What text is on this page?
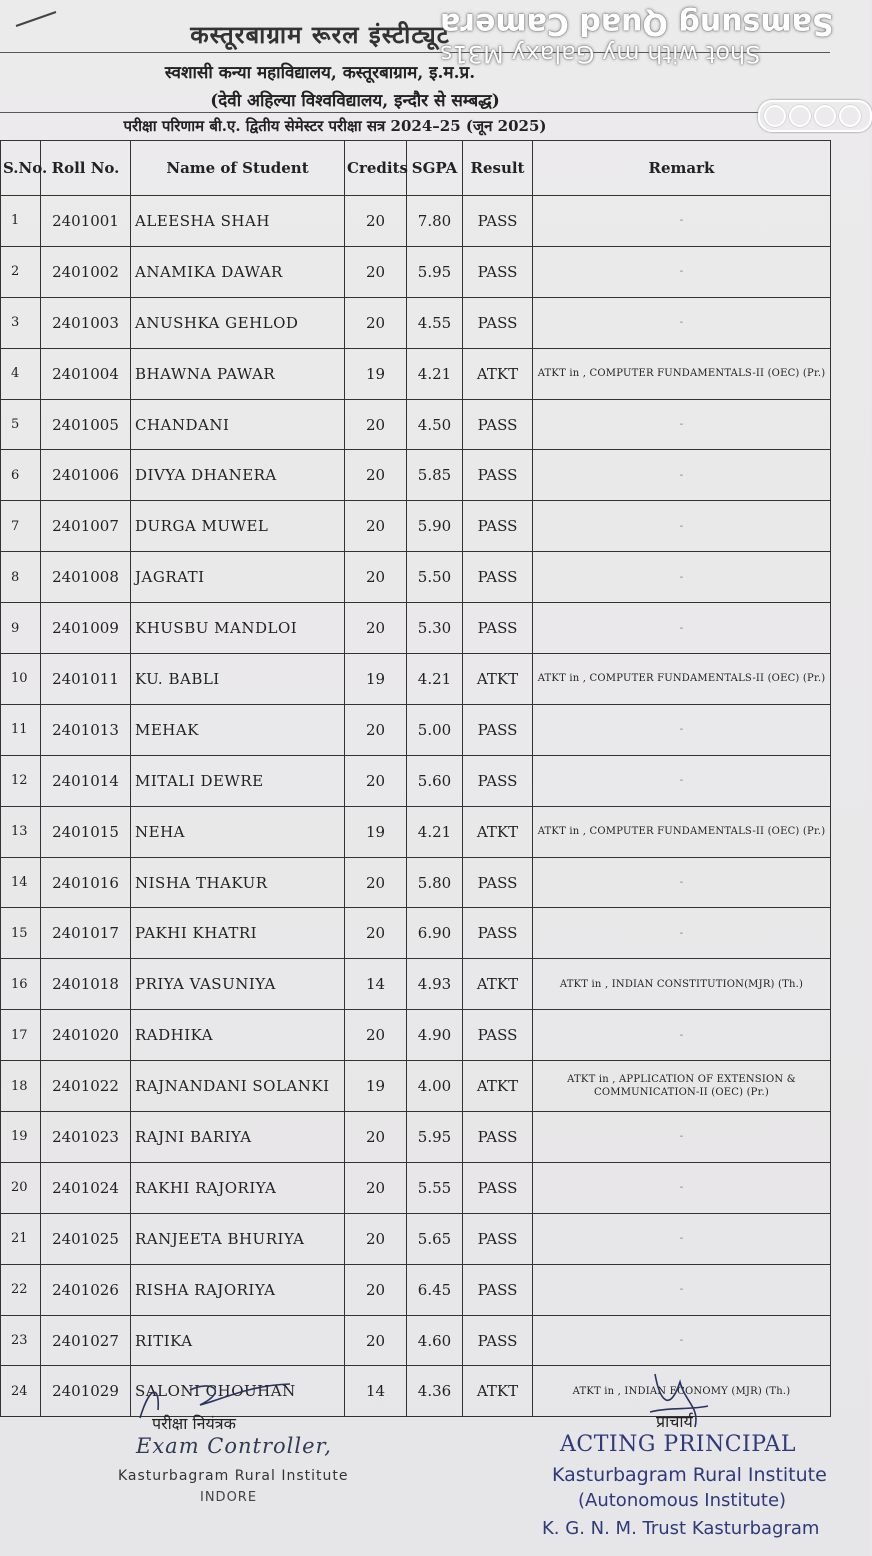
कस्तूरबाग्राम रूरल इंस्टीट्यूट
स्वशासी कन्या महाविद्यालय, कस्तूरबाग्राम, इ.म.प्र.
(देवी अहिल्या विश्वविद्यालय, इन्दौर से सम्बद्ध)
परीक्षा परिणाम बी.ए. द्वितीय सेमेस्टर परीक्षा सत्र 2024–25 (जून 2025)
Shot with my Galaxy M31s
Samsung Quad Camera
S.No.	Roll No.	Name of Student	Credits	SGPA	Result	Remark
1	2401001	ALEESHA SHAH	20	7.80	PASS	-
2	2401002	ANAMIKA DAWAR	20	5.95	PASS	-
3	2401003	ANUSHKA GEHLOD	20	4.55	PASS	-
4	2401004	BHAWNA PAWAR	19	4.21	ATKT	ATKT in , COMPUTER FUNDAMENTALS-II (OEC) (Pr.)
5	2401005	CHANDANI	20	4.50	PASS	-
6	2401006	DIVYA DHANERA	20	5.85	PASS	-
7	2401007	DURGA MUWEL	20	5.90	PASS	-
8	2401008	JAGRATI	20	5.50	PASS	-
9	2401009	KHUSBU MANDLOI	20	5.30	PASS	-
10	2401011	KU. BABLI	19	4.21	ATKT	ATKT in , COMPUTER FUNDAMENTALS-II (OEC) (Pr.)
11	2401013	MEHAK	20	5.00	PASS	-
12	2401014	MITALI DEWRE	20	5.60	PASS	-
13	2401015	NEHA	19	4.21	ATKT	ATKT in , COMPUTER FUNDAMENTALS-II (OEC) (Pr.)
14	2401016	NISHA THAKUR	20	5.80	PASS	-
15	2401017	PAKHI KHATRI	20	6.90	PASS	-
16	2401018	PRIYA VASUNIYA	14	4.93	ATKT	ATKT in , INDIAN CONSTITUTION(MJR) (Th.)
17	2401020	RADHIKA	20	4.90	PASS	-
18	2401022	RAJNANDANI SOLANKI	19	4.00	ATKT	ATKT in , APPLICATION OF EXTENSION & COMMUNICATION-II (OEC) (Pr.)
19	2401023	RAJNI BARIYA	20	5.95	PASS	-
20	2401024	RAKHI RAJORIYA	20	5.55	PASS	-
21	2401025	RANJEETA BHURIYA	20	5.65	PASS	-
22	2401026	RISHA RAJORIYA	20	6.45	PASS	-
23	2401027	RITIKA	20	4.60	PASS	-
24	2401029	SALONI CHOUHAN	14	4.36	ATKT	ATKT in , INDIAN ECONOMY (MJR) (Th.)
परीक्षा नियंत्रक
Exam Controller,
Kasturbagram Rural Institute
INDORE
प्राचार्य
ACTING PRINCIPAL
Kasturbagram Rural Institute
(Autonomous Institute)
K. G. N. M. Trust Kasturbagram
